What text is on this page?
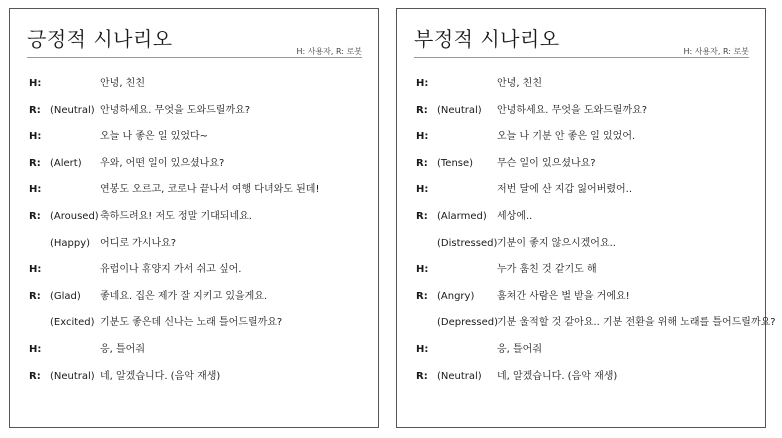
긍정적 시나리오
H: 사용자, R: 로봇
H:	안녕, 친친
R: (Neutral) 안녕하세요. 무엇을 도와드릴까요?
H:	오늘 나 좋은 일 있었다~
R: (Alert) 우와, 어떤 일이 있으셨나요?
H:	연봉도 오르고, 코로나 끝나서 여행 다녀와도 된데!
R: (Aroused) 축하드려요! 저도 정말 기대되네요.
(Happy) 어디로 가시나요?
H:	유럽이나 휴양지 가서 쉬고 싶어.
R: (Glad) 좋네요. 집은 제가 잘 지키고 있을게요.
(Excited) 기분도 좋은데 신나는 노래 틀어드릴까요?
H:	응, 틀어줘
R: (Neutral) 네, 알겠습니다. (음악 재생)
부정적 시나리오
H: 사용자, R: 로봇
H:	안녕, 친친
R: (Neutral) 안녕하세요. 무엇을 도와드릴까요?
H:	오늘 나 기분 안 좋은 일 있었어.
R: (Tense) 무슨 일이 있으셨나요?
H:	저번 달에 산 지갑 잃어버렸어..
R: (Alarmed) 세상에..
(Distressed) 기분이 좋지 않으시겠어요..
H:	누가 훔친 것 같기도 해
R: (Angry) 훔쳐간 사람은 벌 받을 거에요!
(Depressed) 기분 울적할 것 같아요.. 기분 전환을 위해 노래를 틀어드릴까요?
H:	응, 틀어줘
R: (Neutral) 네, 알겠습니다. (음악 재생)
